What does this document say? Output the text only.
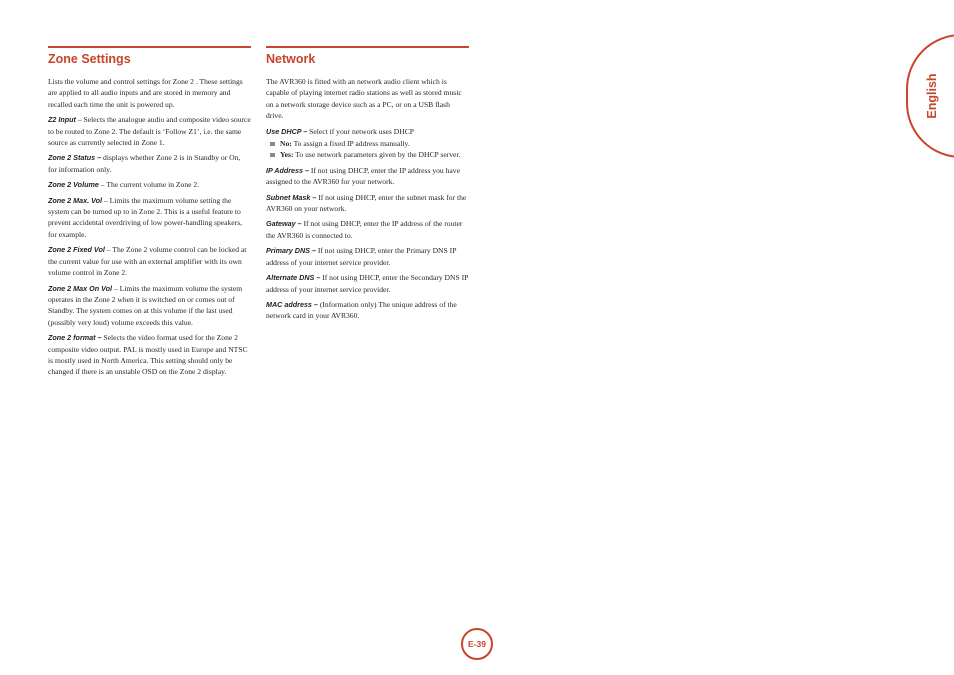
English
Zone Settings

Lists the volume and control settings for Zone 2 . These settings are applied to all audio inputs and are stored in memory and recalled each time the unit is powered up.

Z2 Input – Selects the analogue audio and composite video source to be routed to Zone 2. The default is ‘Follow Z1’, i.e. the same source as currently selected in Zone 1.

Zone 2 Status – displays whether Zone 2 is in Standby or On, for information only.

Zone 2 Volume – The current volume in Zone 2.

Zone 2 Max. Vol – Limits the maximum volume setting the system can be turned up to in Zone 2. This is a useful feature to prevent accidental overdriving of low power-handling speakers, for example.

Zone 2 Fixed Vol – The Zone 2 volume control can be locked at the current value for use with an external amplifier with its own volume control in Zone 2.

Zone 2 Max On Vol – Limits the maximum volume the system operates in the Zone 2 when it is switched on or comes out of Standby. The system comes on at this volume if the last used (possibly very loud) volume exceeds this value.

Zone 2 format – Selects the video format used for the Zone 2 composite video output. PAL is mostly used in Europe and NTSC is mostly used in North America. This setting should only be changed if there is an unstable OSD on the Zone 2 display.

Network

The AVR360 is fitted with an network audio client which is capable of playing internet radio stations as well as stored music on a network storage device such as a PC, or on a USB flash drive.

Use DHCP – Select if your network uses DHCP

No: To assign a fixed IP address manually.
Yes: To use network parameters given by the DHCP server.

IP Address – If not using DHCP, enter the IP address you have assigned to the AVR360 for your network.

Subnet Mask – If not using DHCP, enter the subnet mask for the AVR360 on your network.

Gateway – If not using DHCP, enter the IP address of the router the AVR360 is connected to.

Primary DNS – If not using DHCP, enter the Primary DNS IP address of your internet service provider.

Alternate DNS – If not using DHCP, enter the Secondary DNS IP address of your internet service provider.

MAC address – (Information only) The unique address of the network card in your AVR360.

E-39
